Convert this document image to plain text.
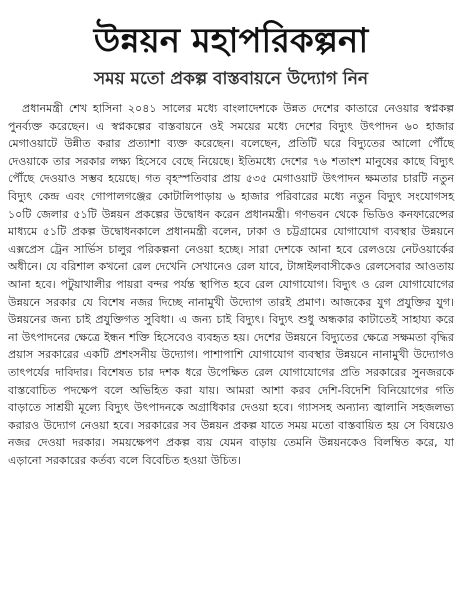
উন্নয়ন মহাপরিকল্পনা
সময় মতো প্রকল্প বাস্তবায়নে উদ্যোগ নিন

প্রধানমন্ত্রী শেখ হাসিনা ২০৪১ সালের মধ্যে বাংলাদেশকে উন্নত দেশের কাতারে নেওয়ার স্বপ্নকল্প পুনর্ব্যক্ত করেছেন। এ স্বপ্নকল্পের বাস্তবায়নে ওই সময়ের মধ্যে দেশের বিদ্যুৎ উৎপাদন ৬০ হাজার মেগাওয়াটে উন্নীত করার প্রত্যাশা ব্যক্ত করেছেন। বলেছেন, প্রতিটি ঘরে বিদ্যুতের আলো পৌঁছে দেওয়াকে তার সরকার লক্ষ্য হিসেবে বেছে নিয়েছে। ইতিমধ্যে দেশের ৭৬ শতাংশ মানুষের কাছে বিদ্যুৎ পৌঁছে দেওয়াও সম্ভব হয়েছে। গত বৃহস্পতিবার প্রায় ৫৩৫ মেগাওয়াট উৎপাদন ক্ষমতার চারটি নতুন বিদ্যুৎ কেন্দ্র এবং গোপালগঞ্জের কোটালিপাড়ায় ৬ হাজার পরিবারের মধ্যে নতুন বিদ্যুৎ সংযোগসহ ১০টি জেলার ৫১টি উন্নয়ন প্রকল্পের উদ্বোধন করেন প্রধানমন্ত্রী। গণভবন থেকে ভিডিও কনফারেন্সের মাধ্যমে ৫১টি প্রকল্প উদ্বোধনকালে প্রধানমন্ত্রী বলেন, ঢাকা ও চট্টগ্রামের যোগাযোগ ব্যবস্থার উন্নয়নে এক্সপ্রেস ট্রেন সার্ভিস চালুর পরিকল্পনা নেওয়া হচ্ছে। সারা দেশকে আনা হবে রেলওয়ে নেটওয়ার্কের অধীনে। যে বরিশাল কখনো রেল দেখেনি সেখানেও রেল যাবে, টাঙ্গাইলবাসীকেও রেলসেবার আওতায় আনা হবে। পটুয়াখালীর পায়রা বন্দর পর্যন্ত স্থাপিত হবে রেল যোগাযোগ। বিদ্যুৎ ও রেল যোগাযোগের উন্নয়নে সরকার যে বিশেষ নজর দিচ্ছে নানামুখী উদ্যোগ তারই প্রমাণ। আজকের যুগ প্রযুক্তির যুগ। উন্নয়নের জন্য চাই প্রযুক্তিগত সুবিধা। এ জন্য চাই বিদ্যুৎ। বিদ্যুৎ শুধু অন্ধকার কাটাতেই সাহায্য করে না উৎপাদনের ক্ষেত্রে ইন্ধন শক্তি হিসেবেও ব্যবহৃত হয়। দেশের উন্নয়নে বিদ্যুতের ক্ষেত্রে সক্ষমতা বৃদ্ধির প্রয়াস সরকারের একটি প্রশংসনীয় উদ্যোগ। পাশাপাশি যোগাযোগ ব্যবস্থার উন্নয়নে নানামুখী উদ্যোগও তাৎপর্যের দাবিদার। বিশেষত চার দশক ধরে উপেক্ষিত রেল যোগাযোগের প্রতি সরকারের সুনজরকে বাস্তবোচিত পদক্ষেপ বলে অভিহিত করা যায়। আমরা আশা করব দেশি-বিদেশি বিনিয়োগের গতি বাড়াতে সাশ্রয়ী মূল্যে বিদ্যুৎ উৎপাদনকে অগ্রাধিকার দেওয়া হবে। গ্যাসসহ অন্যান্য জ্বালানি সহজলভ্য করারও উদ্যোগ নেওয়া হবে। সরকারের সব উন্নয়ন প্রকল্প যাতে সময় মতো বাস্তবায়িত হয় সে বিষয়েও নজর দেওয়া দরকার। সময়ক্ষেপণ প্রকল্প ব্যয় যেমন বাড়ায় তেমনি উন্নয়নকেও বিলম্বিত করে, যা এড়ানো সরকারের কর্তব্য বলে বিবেচিত হওয়া উচিত।
